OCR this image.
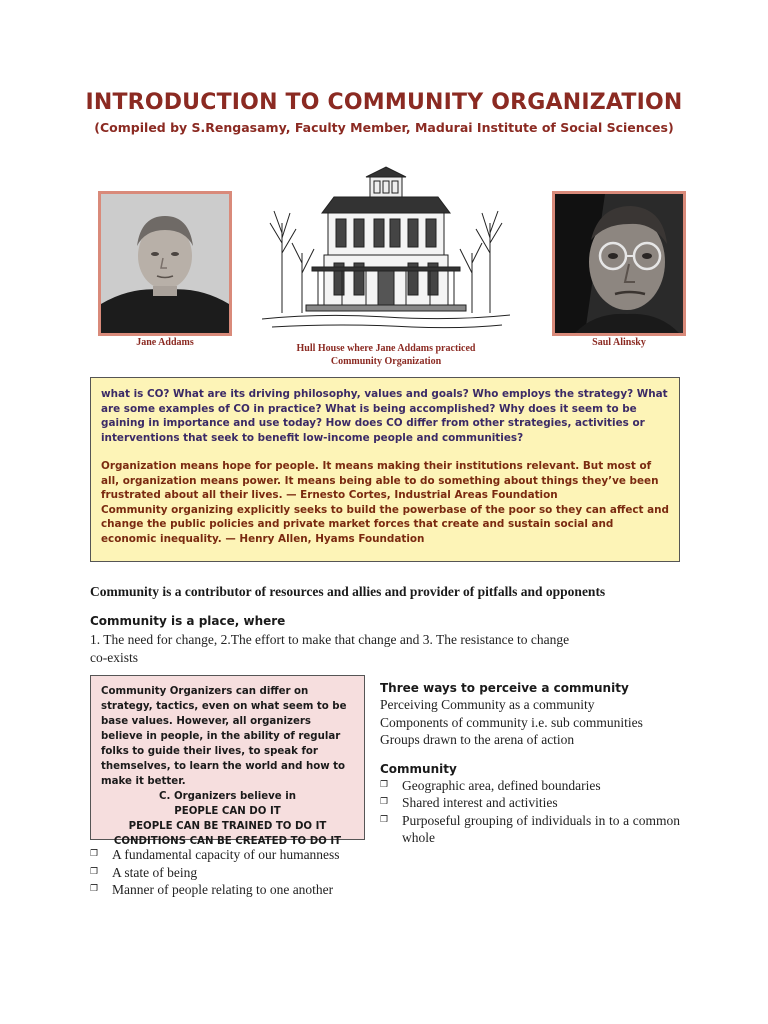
INTRODUCTION TO COMMUNITY ORGANIZATION
(Compiled by S.Rengasamy, Faculty Member, Madurai Institute of Social Sciences)
Jane Addams
Hull House where Jane Addams practiced
Community Organization
Saul Alinsky

what is CO? What are its driving philosophy, values and goals? Who employs the strategy? What are some examples of CO in practice? What is being accomplished? Why does it seem to be gaining in importance and use today? How does CO differ from other strategies, activities or interventions that seek to benefit low-income people and communities?

Organization means hope for people. It means making their institutions relevant. But most of all, organization means power. It means being able to do something about things they’ve been frustrated about all their lives. — Ernesto Cortes, Industrial Areas Foundation

Community organizing explicitly seeks to build the powerbase of the poor so they can affect and change the public policies and private market forces that create and sustain social and economic inequality. — Henry Allen, Hyams Foundation

Community is a contributor of resources and allies and provider of pitfalls and opponents
Community is a place, where
1. The need for change, 2.The effort to make that change and 3. The resistance to change
co-exists
Community Organizers can differ on strategy, tactics, even on what seem to be base values. However, all organizers believe in people, in the ability of regular folks to guide their lives, to speak for themselves, to learn the world and how to make it better.
C. Organizers believe in
PEOPLE CAN DO IT
PEOPLE CAN BE TRAINED TO DO IT
CONDITIONS CAN BE CREATED TO DO IT
Three ways to perceive a community
Perceiving Community as a community
Components of community i.e. sub communities
Groups drawn to the arena of action
Community
❐	Geographic area, defined boundaries
❐	Shared interest and activities
❐	Purposeful grouping of individuals in to a common whole
❐	A fundamental capacity of our humanness
❐	A state of being
❐	Manner of people relating to one another
